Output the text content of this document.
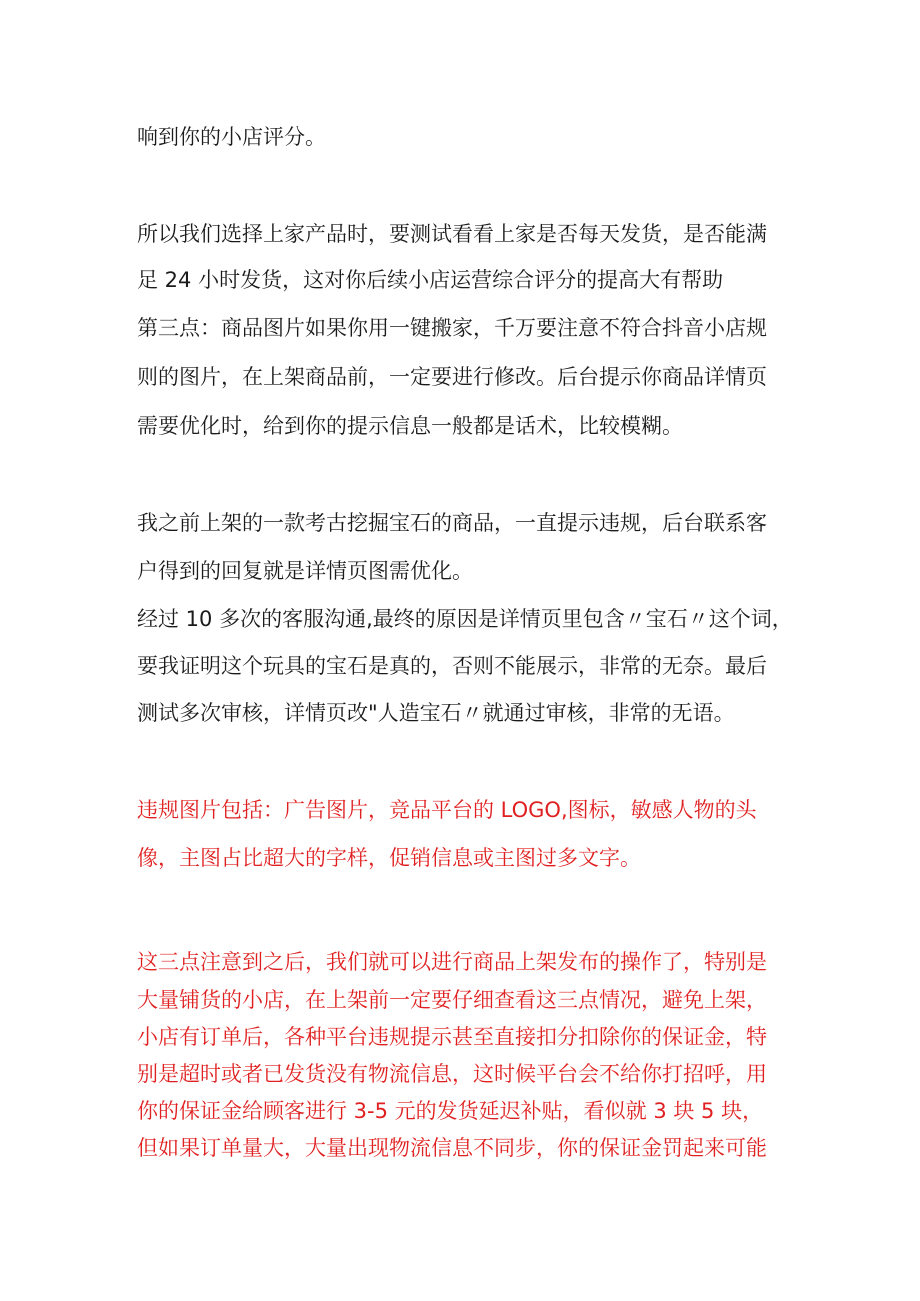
响到你的小店评分。
所以我们选择上家产品时，要测试看看上家是否每天发货，是否能满
足 24 小时发货，这对你后续小店运营综合评分的提高大有帮助
第三点：商品图片如果你用一键搬家，千万要注意不符合抖音小店规
则的图片，在上架商品前，一定要进行修改。后台提示你商品详情页
需要优化时，给到你的提示信息一般都是话术，比较模糊。
我之前上架的一款考古挖掘宝石的商品，一直提示违规，后台联系客
户得到的回复就是详情页图需优化。
经过 10 多次的客服沟通,最终的原因是详情页里包含〃宝石〃这个词，
要我证明这个玩具的宝石是真的，否则不能展示，非常的无奈。最后
测试多次审核，详情页改"人造宝石〃就通过审核，非常的无语。
违规图片包括：广告图片，竞品平台的 LOGO,图标，敏感人物的头
像，主图占比超大的字样，促销信息或主图过多文字。
这三点注意到之后，我们就可以进行商品上架发布的操作了，特别是
大量铺货的小店，在上架前一定要仔细查看这三点情况，避免上架，
小店有订单后，各种平台违规提示甚至直接扣分扣除你的保证金，特
别是超时或者已发货没有物流信息，这时候平台会不给你打招呼，用
你的保证金给顾客进行 3-5 元的发货延迟补贴，看似就 3 块 5 块，
但如果订单量大，大量出现物流信息不同步，你的保证金罚起来可能
